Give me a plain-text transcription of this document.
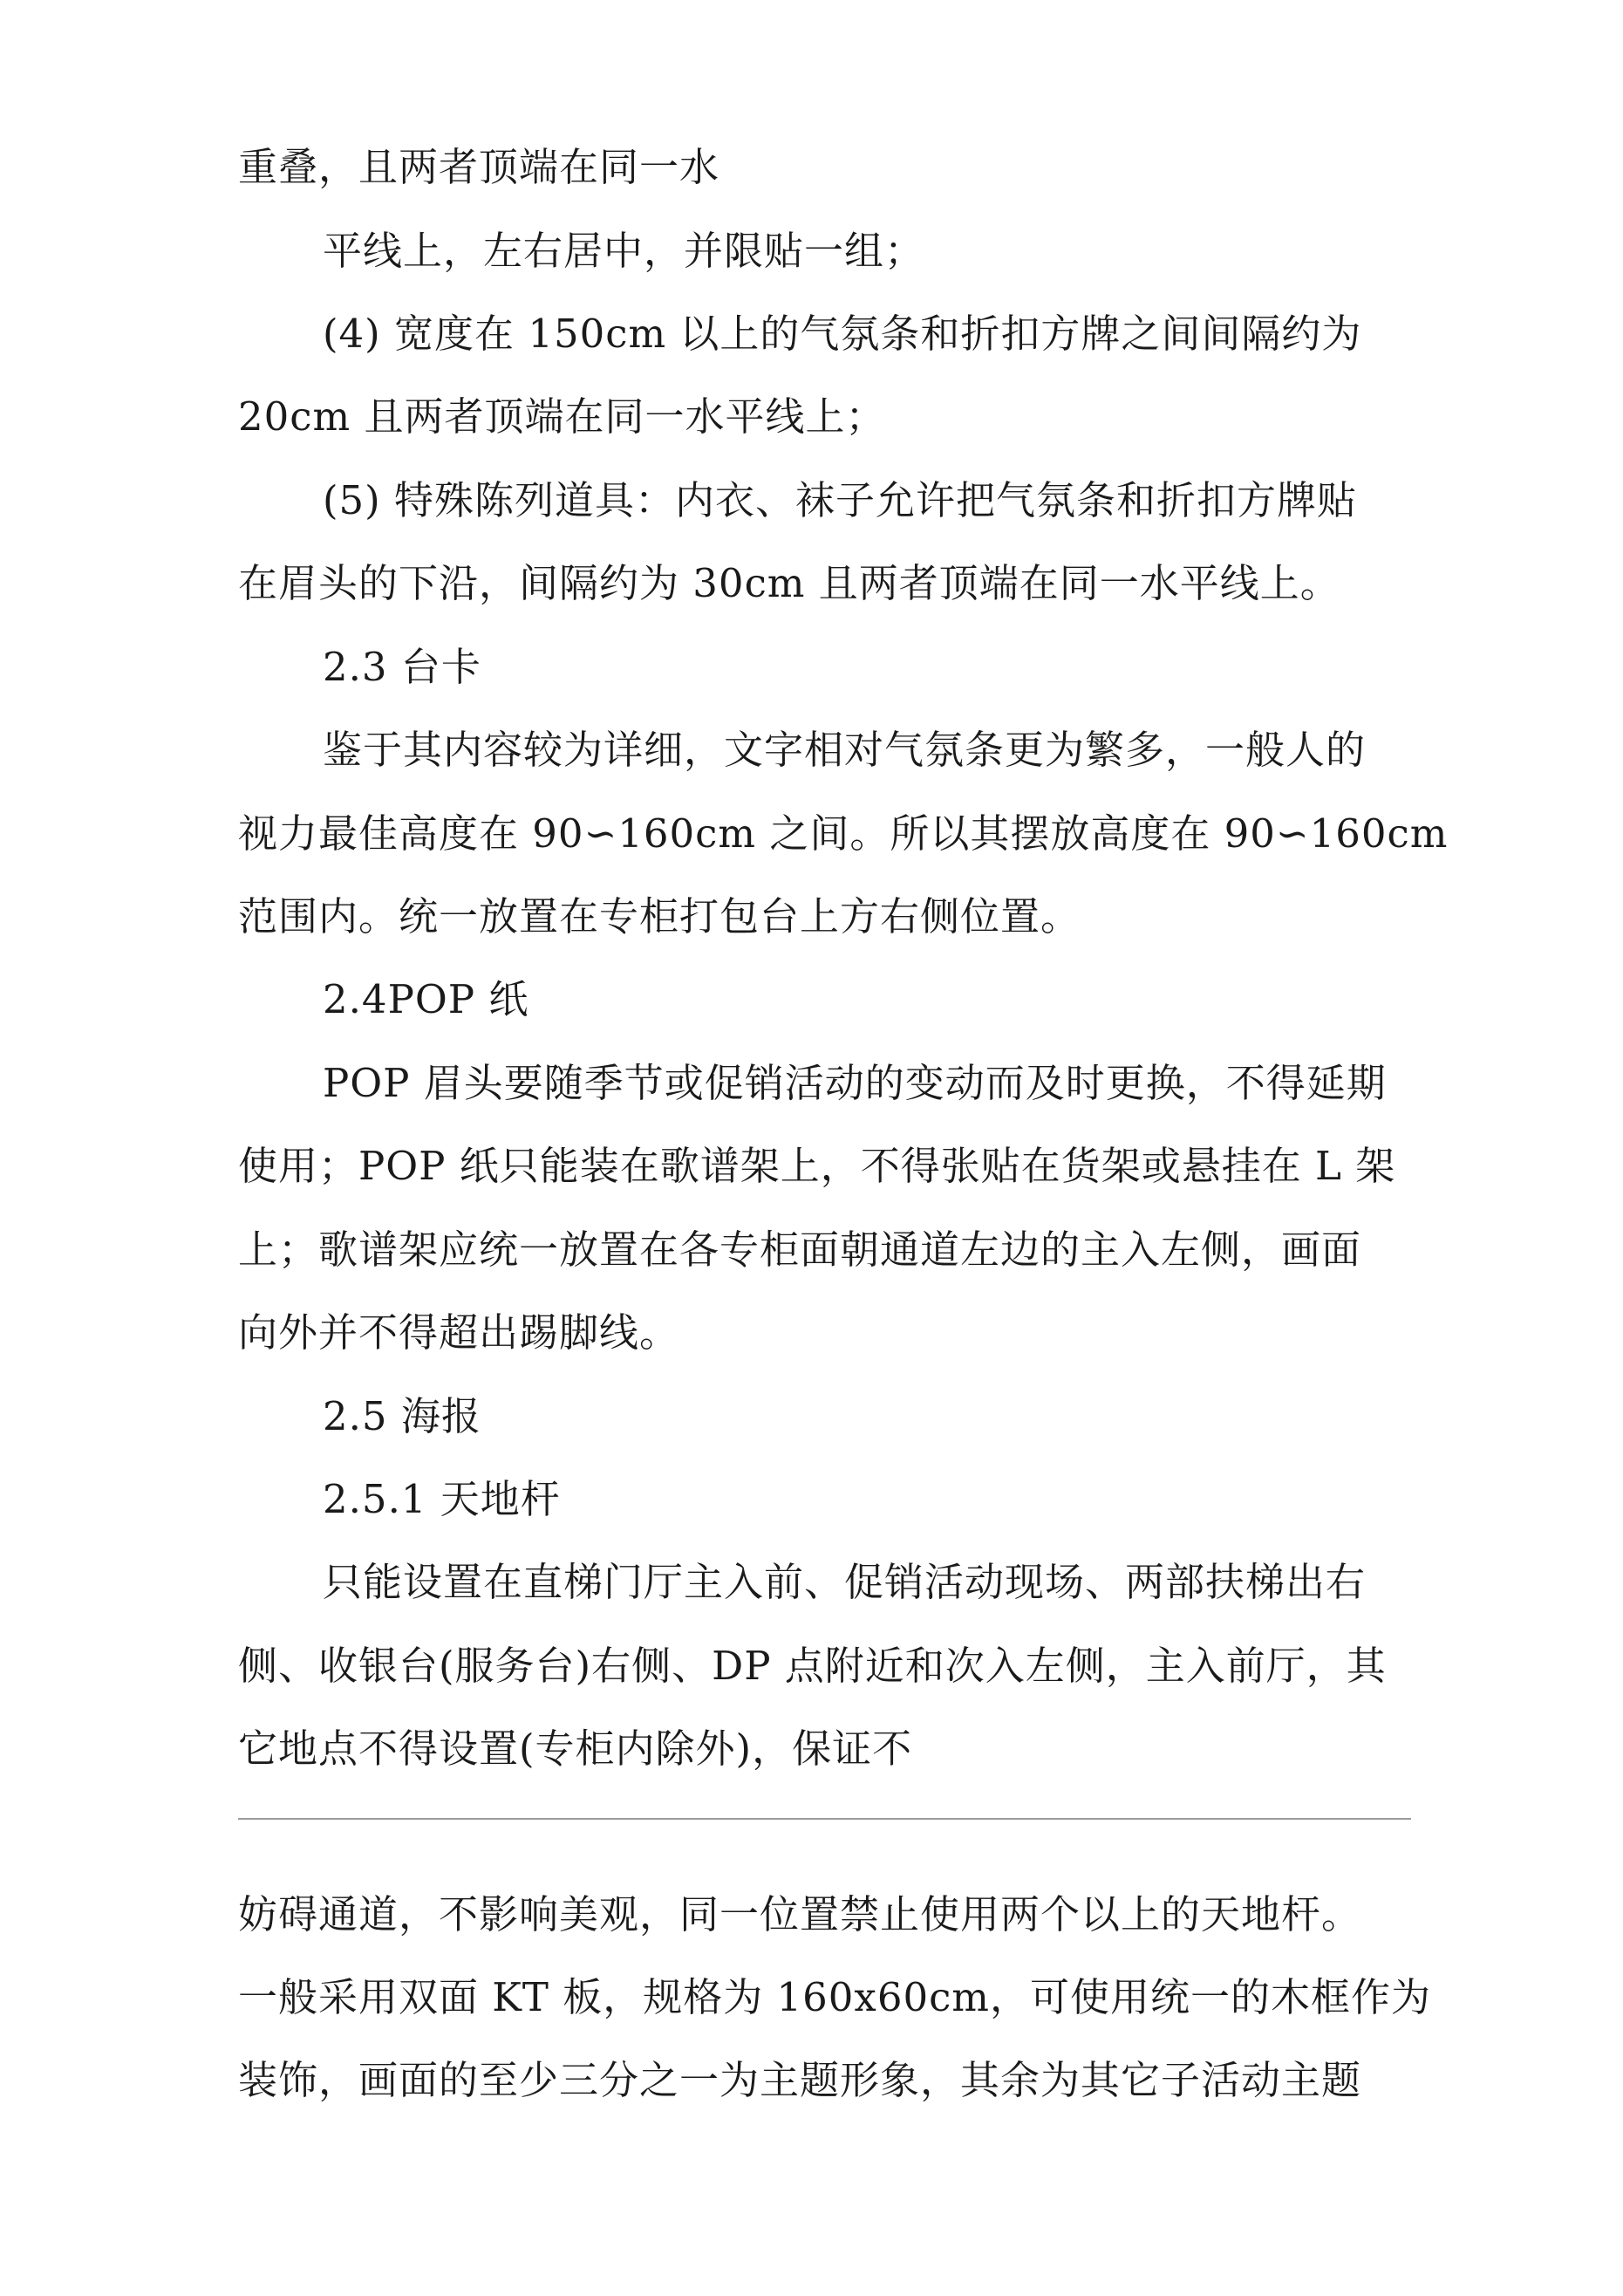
重叠，且两者顶端在同一水
平线上，左右居中，并限贴一组；
(4) 宽度在 150cm 以上的气氛条和折扣方牌之间间隔约为
20cm 且两者顶端在同一水平线上；
(5) 特殊陈列道具：内衣、袜子允许把气氛条和折扣方牌贴
在眉头的下沿，间隔约为 30cm 且两者顶端在同一水平线上。
2.3 台卡
鉴于其内容较为详细，文字相对气氛条更为繁多，一般人的
视力最佳高度在 90∽160cm 之间。所以其摆放高度在 90∽160cm
范围内。统一放置在专柜打包台上方右侧位置。
2.4POP 纸
POP 眉头要随季节或促销活动的变动而及时更换，不得延期
使用；POP 纸只能装在歌谱架上，不得张贴在货架或悬挂在 L 架
上；歌谱架应统一放置在各专柜面朝通道左边的主入左侧，画面
向外并不得超出踢脚线。
2.5 海报
2.5.1 天地杆
只能设置在直梯门厅主入前、促销活动现场、两部扶梯出右
侧、收银台(服务台)右侧、DP 点附近和次入左侧，主入前厅，其
它地点不得设置(专柜内除外)，保证不
妨碍通道，不影响美观，同一位置禁止使用两个以上的天地杆。
一般采用双面 KT 板，规格为 160x60cm，可使用统一的木框作为
装饰，画面的至少三分之一为主题形象，其余为其它子活动主题
